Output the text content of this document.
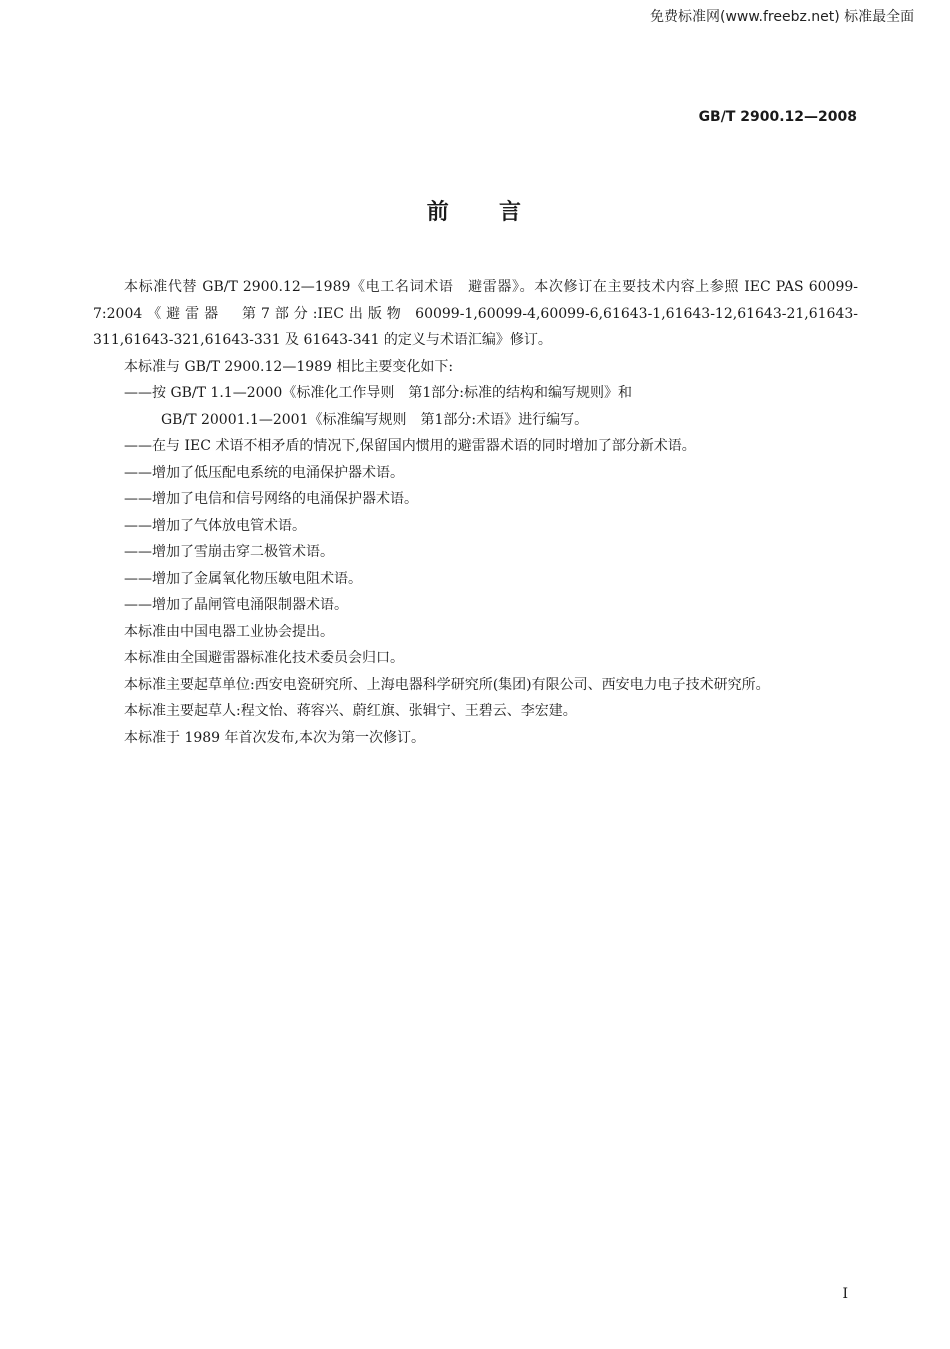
免费标准网(www.freebz.net) 标准最全面
GB/T 2900.12—2008
前 言

本标准代替 GB/T 2900.12—1989《电工名词术语　避雷器》。本次修订在主要技术内容上参照 IEC PAS 60099-7:2004《避雷器　第7部分:IEC出版物 60099-1,60099-4,60099-6,61643-1,61643-12,61643-21,61643-311,61643-321,61643-331 及 61643-341 的定义与术语汇编》修订。

本标准与 GB/T 2900.12—1989 相比主要变化如下:

——按 GB/T 1.1—2000《标准化工作导则　第1部分:标准的结构和编写规则》和

GB/T 20001.1—2001《标准编写规则　第1部分:术语》进行编写。

——在与 IEC 术语不相矛盾的情况下,保留国内惯用的避雷器术语的同时增加了部分新术语。

——增加了低压配电系统的电涌保护器术语。

——增加了电信和信号网络的电涌保护器术语。

——增加了气体放电管术语。

——增加了雪崩击穿二极管术语。

——增加了金属氧化物压敏电阻术语。

——增加了晶闸管电涌限制器术语。

本标准由中国电器工业协会提出。

本标准由全国避雷器标准化技术委员会归口。

本标准主要起草单位:西安电瓷研究所、上海电器科学研究所(集团)有限公司、西安电力电子技术研究所。

本标准主要起草人:程文怡、蒋容兴、蔚红旗、张辑宁、王碧云、李宏建。

本标准于 1989 年首次发布,本次为第一次修订。

I
